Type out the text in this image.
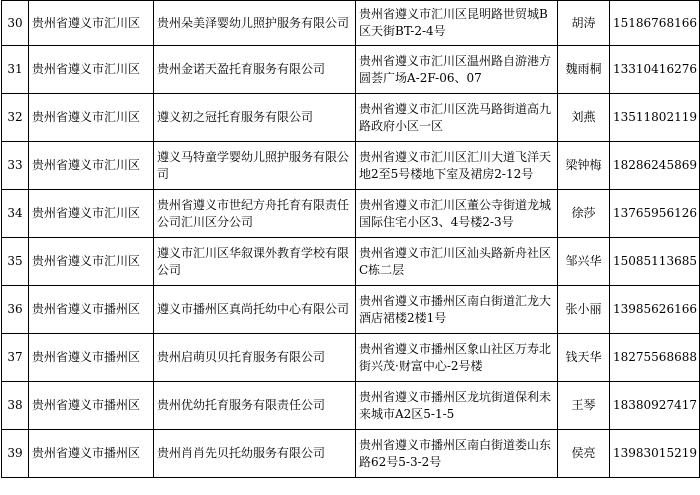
30	贵州省遵义市汇川区	贵州朵美泽婴幼儿照护服务有限公司	贵州省遵义市汇川区昆明路世贸城B区天街BT-2-4号	胡涛	15186768166
31	贵州省遵义市汇川区	贵州金诺天盈托育服务有限公司	贵州省遵义市汇川区温州路自游港方圆荟广场A-2F-06、07	魏雨桐	13310416276
32	贵州省遵义市汇川区	遵义初之冠托育服务有限公司	贵州省遵义市汇川区洗马路街道高九路政府小区一区	刘燕	13511802119
33	贵州省遵义市汇川区	遵义马特童学婴幼儿照护服务有限公司	贵州省遵义市汇川区汇川大道飞洋天地2至5号楼地下室及裙房2-12号	梁钟梅	18286245869
34	贵州省遵义市汇川区	贵州省遵义市世纪方舟托育有限责任公司汇川区分公司	贵州省遵义市汇川区董公寺街道龙城国际住宅小区3、4号楼2-3号	徐莎	13765956126
35	贵州省遵义市汇川区	遵义市汇川区华叙课外教育学校有限公司	贵州省遵义市汇川区汕头路新舟社区C栋二层	邹兴华	15085113685
36	贵州省遵义市播州区	遵义市播州区真尚托幼中心有限公司	贵州省遵义市播州区南白街道汇龙大酒店裙楼2楼1号	张小丽	13985626166
37	贵州省遵义市播州区	贵州启萌贝贝托育服务有限公司	贵州省遵义市播州区象山社区万寿北街兴茂·财富中心-2号楼	钱天华	18275568688
38	贵州省遵义市播州区	贵州优幼托育服务有限责任公司	贵州省遵义市播州区龙坑街道保利未来城市A2区5-1-5	王琴	18380927417
39	贵州省遵义市播州区	贵州肖肖先贝托幼服务有限公司	贵州省遵义市播州区南白街道娄山东路62号5-3-2号	侯亮	13983015219
